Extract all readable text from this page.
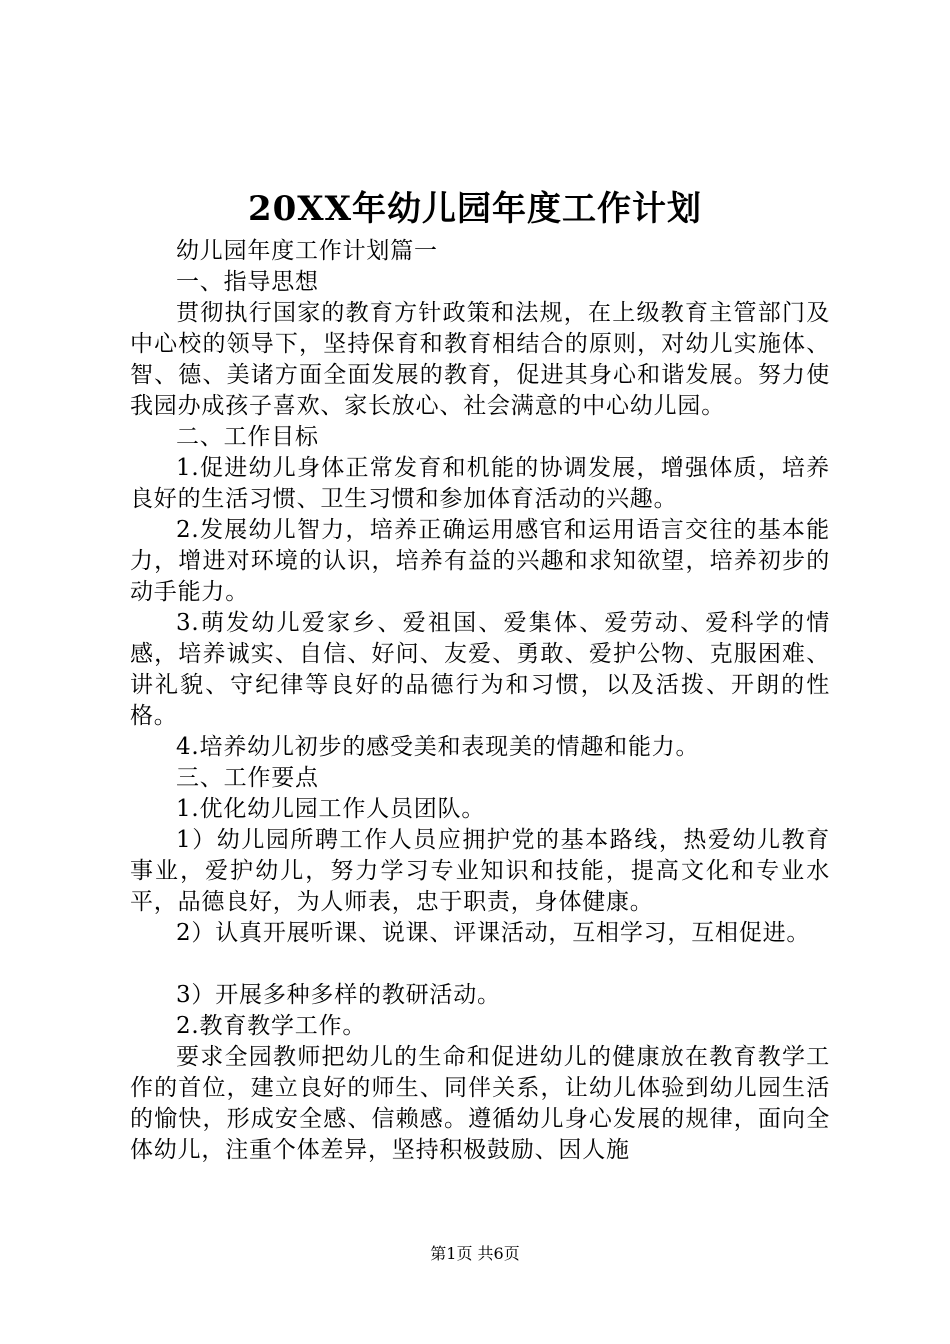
20XX年幼儿园年度工作计划

幼儿园年度工作计划篇一

一、指导思想

贯彻执行国家的教育方针政策和法规，在上级教育主管部门及中心校的领导下，坚持保育和教育相结合的原则，对幼儿实施体、智、德、美诸方面全面发展的教育，促进其身心和谐发展。努力使我园办成孩子喜欢、家长放心、社会满意的中心幼儿园。

二、工作目标

1.促进幼儿身体正常发育和机能的协调发展，增强体质，培养良好的生活习惯、卫生习惯和参加体育活动的兴趣。

2.发展幼儿智力，培养正确运用感官和运用语言交往的基本能力，增进对环境的认识，培养有益的兴趣和求知欲望，培养初步的动手能力。

3.萌发幼儿爱家乡、爱祖国、爱集体、爱劳动、爱科学的情感，培养诚实、自信、好问、友爱、勇敢、爱护公物、克服困难、讲礼貌、守纪律等良好的品德行为和习惯，以及活拨、开朗的性格。

4.培养幼儿初步的感受美和表现美的情趣和能力。

三、工作要点

1.优化幼儿园工作人员团队。

1）幼儿园所聘工作人员应拥护党的基本路线，热爱幼儿教育事业，爱护幼儿，努力学习专业知识和技能，提高文化和专业水平，品德良好，为人师表，忠于职责，身体健康。

2）认真开展听课、说课、评课活动，互相学习，互相促进。

3）开展多种多样的教研活动。

2.教育教学工作。

要求全园教师把幼儿的生命和促进幼儿的健康放在教育教学工作的首位，建立良好的师生、同伴关系，让幼儿体验到幼儿园生活的愉快，形成安全感、信赖感。遵循幼儿身心发展的规律，面向全体幼儿，注重个体差异，坚持积极鼓励、因人施

第1页 共6页
